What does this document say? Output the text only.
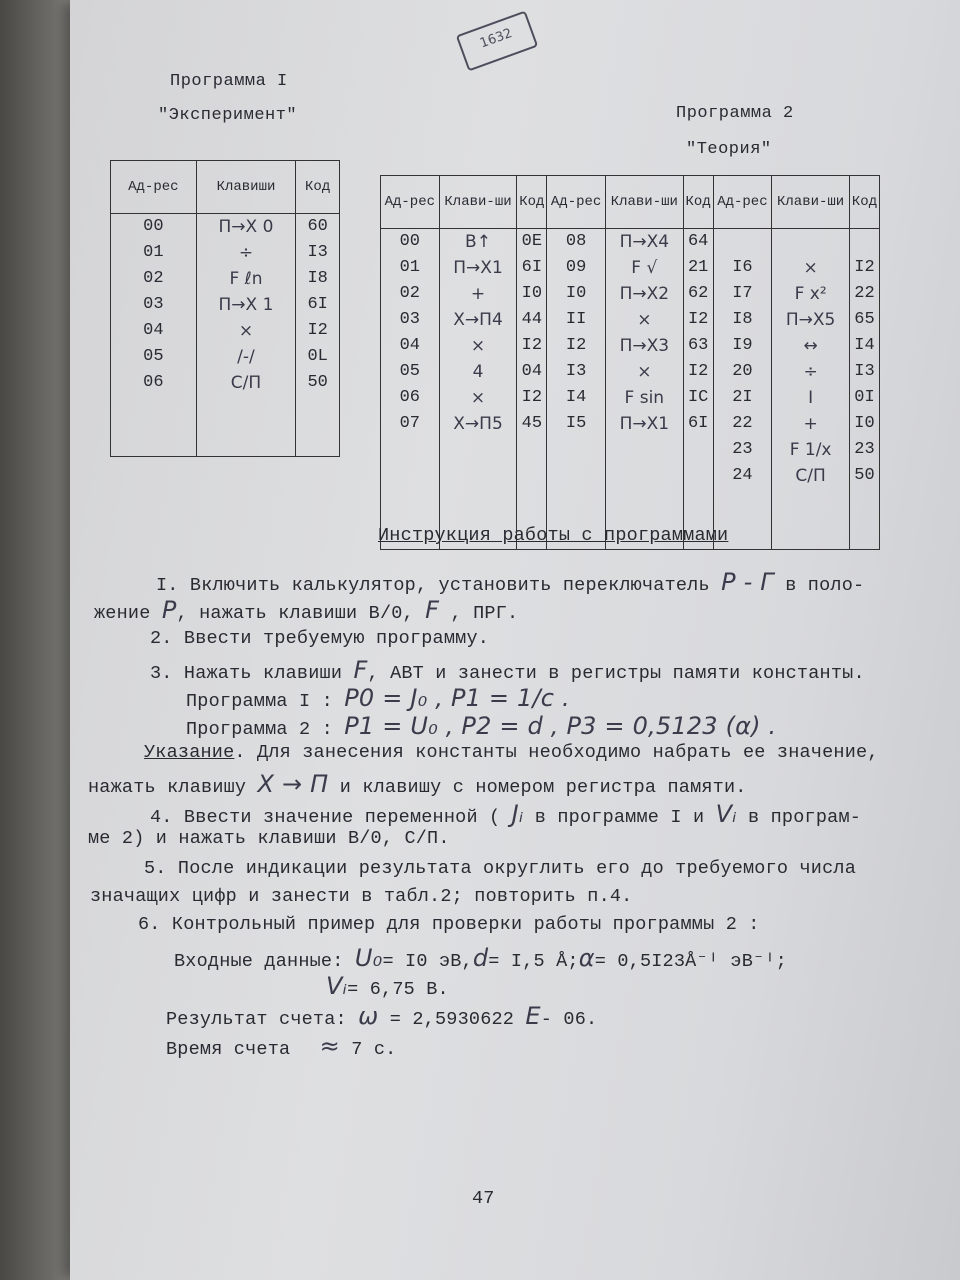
1632
Программа I
"Эксперимент"	Программа 2
"Теория"
Ад-рес	Клавиши	Код
00	П→Х 0	60
01	÷	I3
02	F ℓn	I8
03	П→Х 1	6I
04	×	I2
05	/-/	0L
06	С/П	50

Ад-рес	Клави-ши	Код	Ад-рес	Клави-ши	Код	Ад-рес	Клави-ши	Код
00	В↑	0E	08	П→Х4	64			
01	П→Х1	6I	09	F √	21	I6	×	I2
02	+	I0	I0	П→Х2	62	I7	F х²	22
03	Х→П4	44	II	×	I2	I8	П→Х5	65
04	×	I2	I2	П→Х3	63	I9	↔	I4
05	4	04	I3	×	I2	20	÷	I3
06	×	I2	I4	F sin	IC	2I	I	0I
07	Х→П5	45	I5	П→Х1	6I	22	+	I0
						23	F 1/х	23
						24	С/П	50

Инструкция работы с программами
I. Включить калькулятор, установить переключатель Р - Г в поло-
жение Р, нажать клавиши В/0, F , ПРГ.
2. Ввести требуемую программу.
3. Нажать клавиши F, АВТ и занести в регистры памяти константы.
Программа I : Р0 = J₀ , Р1 = 1/с .
Программа 2 : Р1 = U₀ , Р2 = d , Р3 = 0,5123 (α) .
Указание. Для занесения константы необходимо набрать ее значение,
нажать клавишу Х → П и клавишу с номером регистра памяти.
4. Ввести значение переменной ( Jᵢ в программе I и Vᵢ в програм-
ме 2) и нажать клавиши В/0, С/П.
5. После индикации результата округлить его до требуемого числа
значащих цифр и занести в табл.2; повторить п.4.
6. Контрольный пример для проверки работы программы 2 :
Входные данные: U₀= I0 эВ,d= I,5 Å;α= 0,5I23Å⁻ᴵ эВ⁻ᴵ;
Vᵢ= 6,75 В.
Результат счета: ω = 2,5930622 E- 06.
Время счета ≈ 7 с.
47
